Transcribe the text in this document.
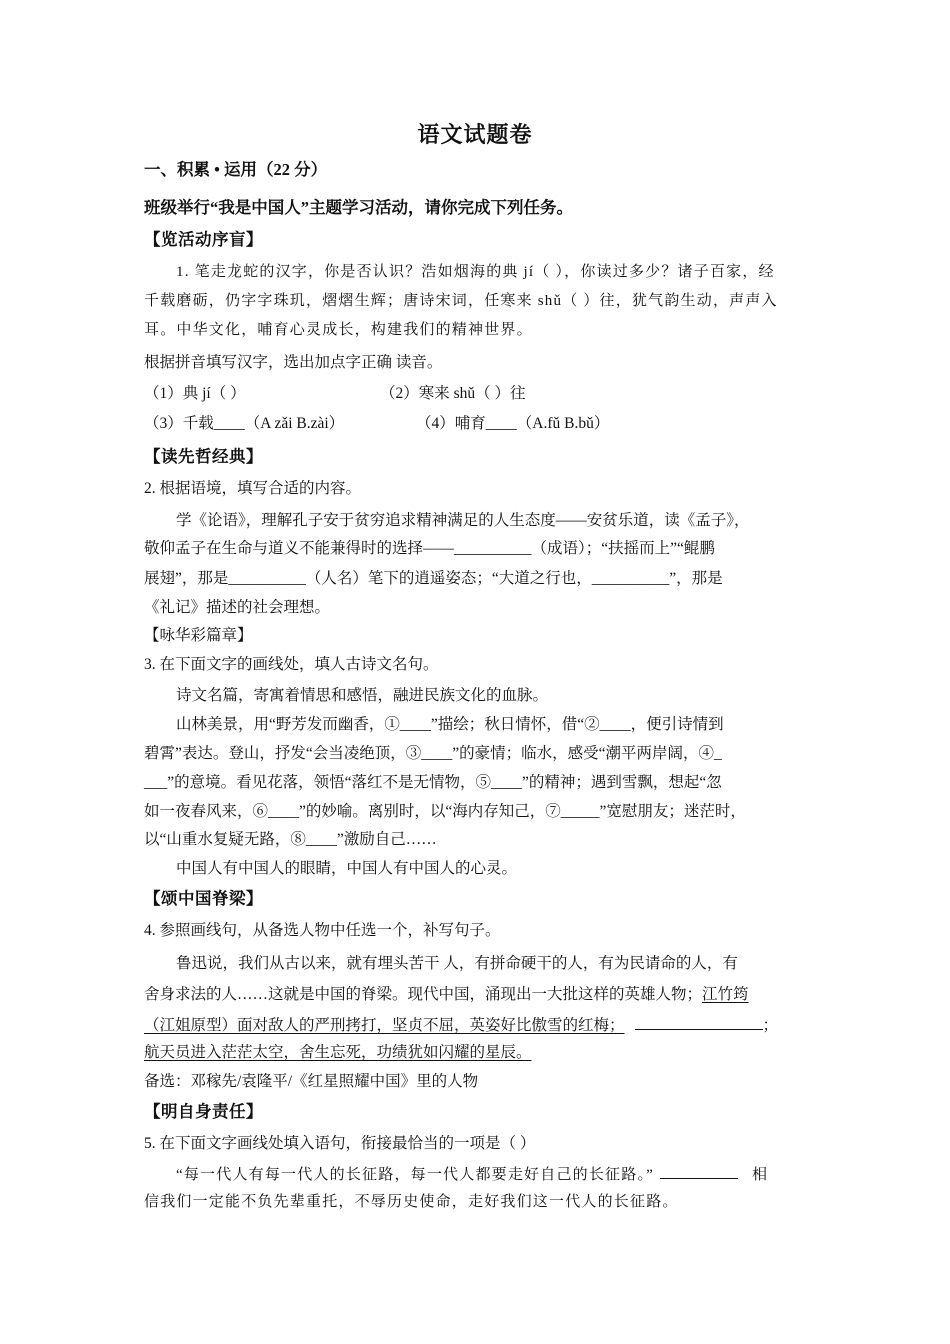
语文试题卷
一、积累 • 运用（22 分）
班级举行“我是中国人”主题学习活动，请你完成下列任务。
【览活动序盲】
1. 笔走龙蛇的汉字，你是否认识？浩如烟海的典 jí（ ），你读过多少？诸子百家，经
千载磨砺，仍字字珠玑，熠熠生辉；唐诗宋词，任寒来 shǔ（ ）往，犹气韵生动，声声入
耳。中华文化，哺育心灵成长，构建我们的精神世界。
根据拼音填写汉字，选出加点字正确 读音。
（1）典 jí（ ）	（2）寒来 shǔ（ ）往
（3）千载____（A zǎi B.zài）	（4）哺育____（A.fǔ B.bǔ）
【读先哲经典】
2. 根据语境，填写合适的内容。
学《论语》，理解孔子安于贫穷追求精神满足的人生态度——安贫乐道，读《孟子》，
敬仰孟子在生命与道义不能兼得时的选择——__________（成语）；“扶摇而上”“鲲鹏
展翅”，那是__________（人名）笔下的逍遥姿态；“大道之行也，__________”，那是
《礼记》描述的社会理想。
【咏华彩篇章】
3. 在下面文字的画线处，填人古诗文名句。
诗文名篇，寄寓着情思和感悟，融进民族文化的血脉。
山林美景，用“野芳发而幽香，①____”描绘；秋日情怀，借“②____，便引诗情到
碧霄”表达。登山，抒发“会当凌绝顶，③____”的豪情；临水，感受“潮平两岸阔，④_
___”的意境。看见花落，领悟“落红不是无情物，⑤____”的精神；遇到雪飘，想起“忽
如一夜春风来，⑥____”的妙喻。离别时，以“海内存知己，⑦_____”宽慰朋友；迷茫时，
以“山重水复疑无路，⑧____”激励自己……
中国人有中国人的眼睛，中国人有中国人的心灵。
【颂中国脊梁】
4. 参照画线句，从备选人物中任选一个，补写句子。
鲁迅说，我们从古以来，就有埋头苦干 人，有拼命硬干的人，有为民请命的人，有
舍身求法的人……这就是中国的脊梁。现代中国，涌现出一大批这样的英雄人物；江竹筠
（江姐原型）面对敌人的严刑拷打，坚贞不屈，英姿好比傲雪的红梅；	；
航天员进入茫茫太空，舍生忘死，功绩犹如闪耀的星辰。
备选：邓稼先/袁隆平/《红星照耀中国》里的人物
【明自身责任】
5. 在下面文字画线处填入语句，衔接最恰当的一项是（ ）
“每一代人有每一代人的长征路，每一代人都要走好自己的长征路。”	相
信我们一定能不负先辈重托，不辱历史使命，走好我们这一代人的长征路。
